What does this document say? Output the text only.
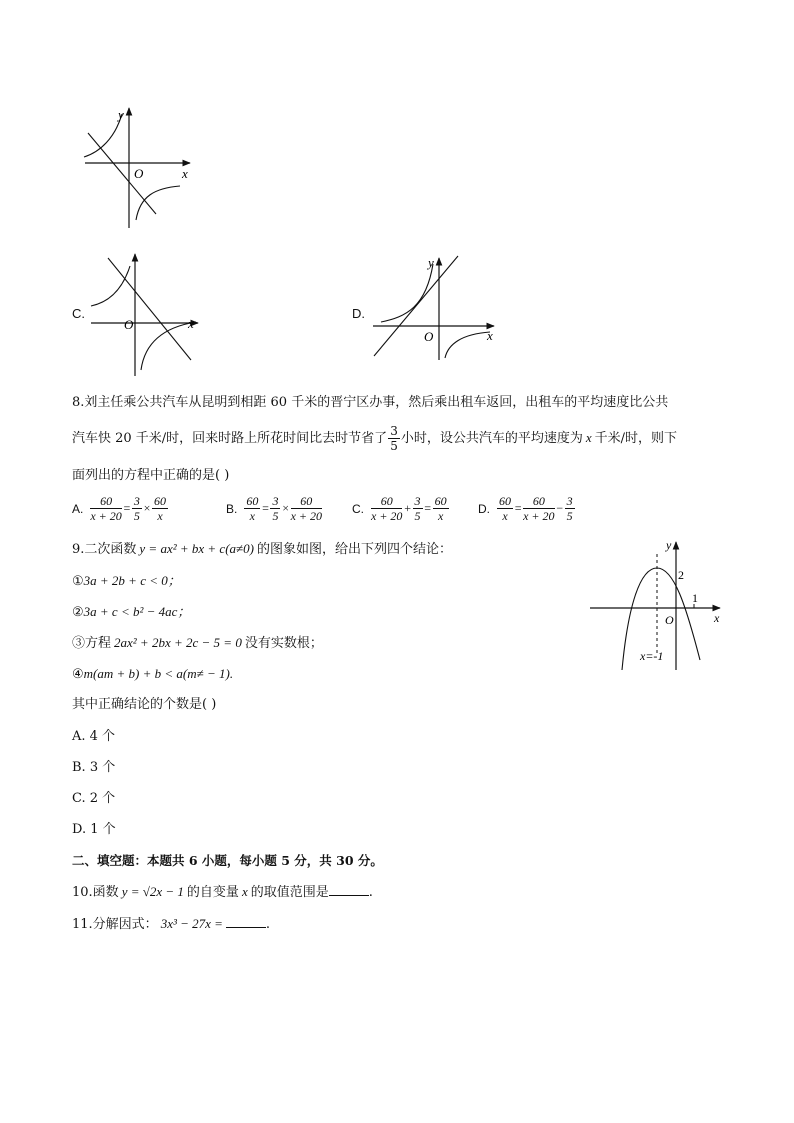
y
x
O
C.
x
O
D.
y
x
O
8.刘主任乘公共汽车从昆明到相距 60 千米的晋宁区办事，然后乘出租车返回，出租车的平均速度比公共
汽车快 20 千米/时，回来时路上所花时间比去时节省了 $\frac{3}{5}$ 小时，设公共汽车的平均速度为 x 千米/时，则下
面列出的方程中正确的是( )
A. $\frac{60}{x + 20} = \frac{3}{5} \times \frac{60}{x}$	B. $\frac{60}{x} = \frac{3}{5} \times \frac{60}{x + 20}$	C. $\frac{60}{x + 20} + \frac{3}{5} = \frac{60}{x} D$. $\frac{60}{x} = \frac{60}{x + 20} - \frac{3}{5}$
9.二次函数 y = ax² + bx + c(a≠0) 的图象如图，给出下列四个结论：
①3a + 2b + c < 0；
②3a + c < b² − 4ac；
③方程 2ax² + 2bx + 2c − 5 = 0 没有实数根；
④m(am + b) + b < a(m≠ − 1).
y
x
O
2
1
x=-1
其中正确结论的个数是( )
A. 4 个
B. 3 个
C. 2 个
D. 1 个
二、填空题：本题共 6 小题，每小题 5 分，共 30 分。
10.函数 y = √2x − 1 的自变量 x 的取值范围是	.
11.分解因式： 3x³ − 27x =	.
